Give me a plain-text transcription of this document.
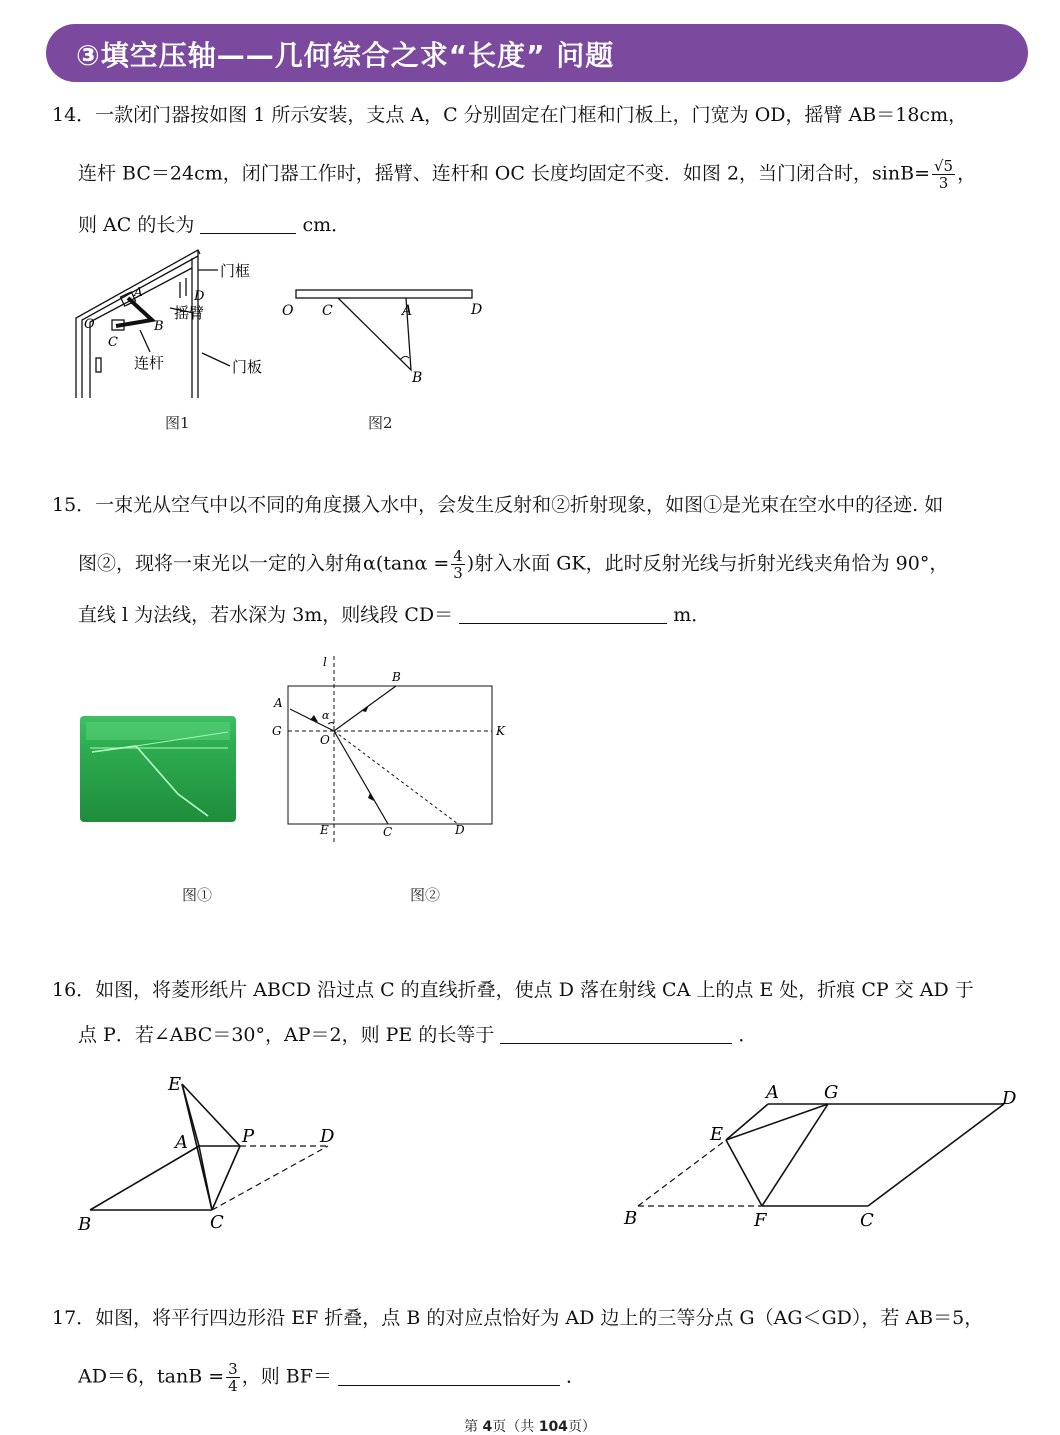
③填空压轴——几何综合之求“长度” 问题
14．一款闭门器按如图 1 所示安装，支点 A，C 分别固定在门框和门板上，门宽为 OD，摇臂 AB＝18cm，
连杆 BC＝24cm，闭门器工作时，摇臂、连杆和 OC 长度均固定不变．如图 2，当门闭合时，$\sin B= \frac{√5}{3}$ ，
则 AC 的长为	cm．
门框
摇臂
连杆	门板
A
B
C
D
O
图1
O C	A	D
B
图2
15．一束光从空气中以不同的角度摄入水中，会发生反射和②折射现象，如图①是光束在空水中的径迹. 如
图②，现将一束光以一定的入射角$\alpha(\tan\alpha = \frac{4}{3}$ )射入水面 GK，此时反射光线与折射光线夹角恰为 90°，
直线 l 为法线，若水深为 3m，则线段 CD＝	m．
图①
l
A
B
G
O
K
E	C	D
α
图②
16．如图，将菱形纸片 ABCD 沿过点 C 的直线折叠，使点 D 落在射线 CA 上的点 E 处，折痕 CP 交 AD 于
点 P．若∠ABC＝30°，AP＝2，则 PE 的长等于	．
E
A	P	D
B	C
A	G	D
E
B	F	C
17．如图，将平行四边形沿 EF 折叠，点 B 的对应点恰好为 AD 边上的三等分点 G（AG＜GD），若 AB＝5，
AD＝6，$\tan B = \frac{3}{4}$ ，则 BF＝	．
第 4页（共 104页）
